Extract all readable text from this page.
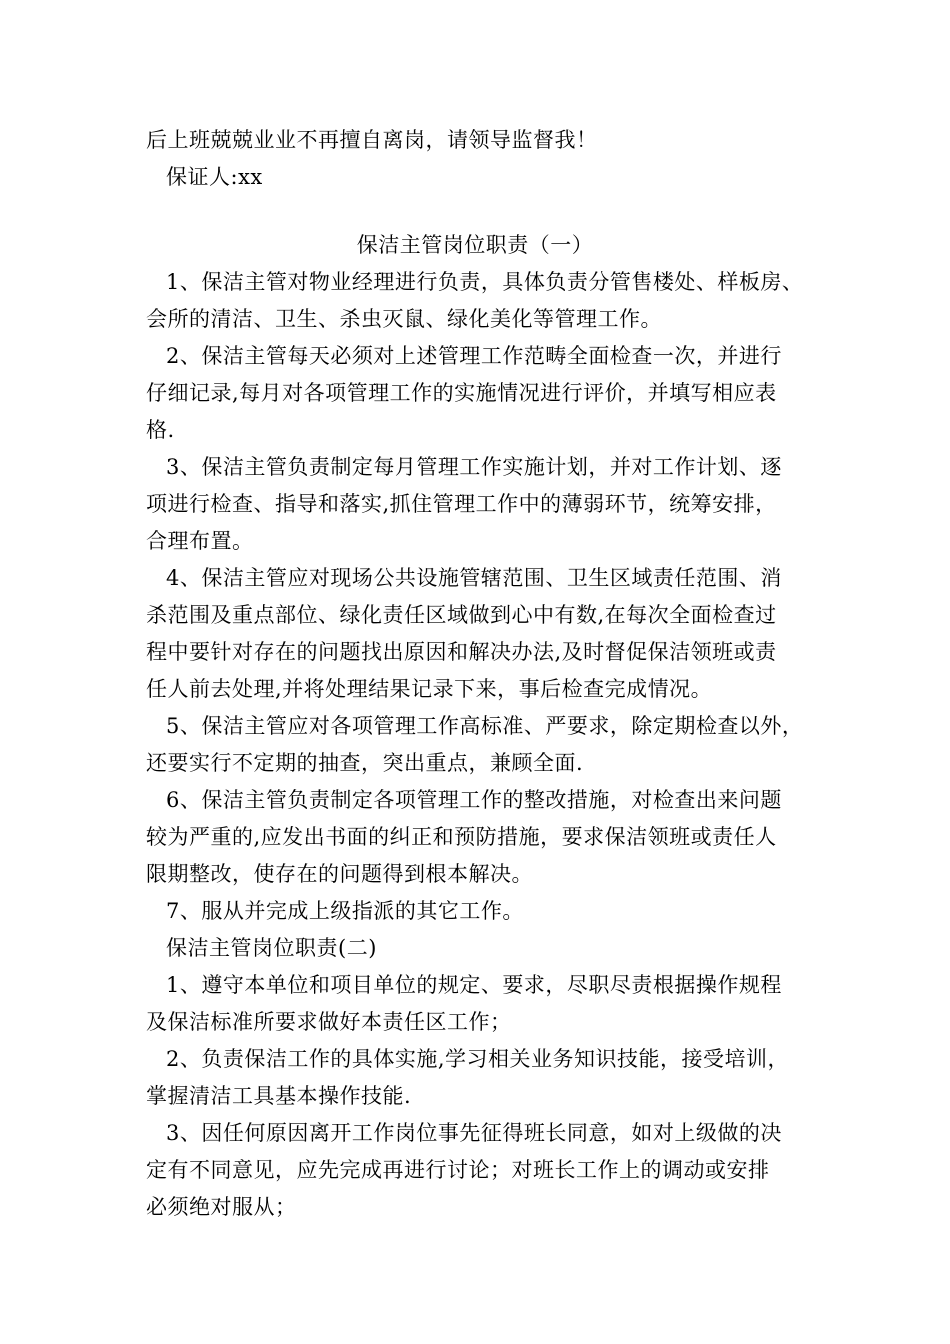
后上班兢兢业业不再擅自离岗，请领导监督我！
保证人:xx
保洁主管岗位职责（一）
1、保洁主管对物业经理进行负责，具体负责分管售楼处、样板房、
会所的清洁、卫生、杀虫灭鼠、绿化美化等管理工作。
2、保洁主管每天必须对上述管理工作范畴全面检查一次，并进行
仔细记录,每月对各项管理工作的实施情况进行评价，并填写相应表
格.
3、保洁主管负责制定每月管理工作实施计划，并对工作计划、逐
项进行检查、指导和落实,抓住管理工作中的薄弱环节，统筹安排，
合理布置。
4、保洁主管应对现场公共设施管辖范围、卫生区域责任范围、消
杀范围及重点部位、绿化责任区域做到心中有数,在每次全面检查过
程中要针对存在的问题找出原因和解决办法,及时督促保洁领班或责
任人前去处理,并将处理结果记录下来，事后检查完成情况。
5、保洁主管应对各项管理工作高标准、严要求，除定期检查以外，
还要实行不定期的抽查，突出重点，兼顾全面.
6、保洁主管负责制定各项管理工作的整改措施，对检查出来问题
较为严重的,应发出书面的纠正和预防措施，要求保洁领班或责任人
限期整改，使存在的问题得到根本解决。
7、服从并完成上级指派的其它工作。
保洁主管岗位职责(二)
1、遵守本单位和项目单位的规定、要求，尽职尽责根据操作规程
及保洁标准所要求做好本责任区工作；
2、负责保洁工作的具体实施,学习相关业务知识技能，接受培训，
掌握清洁工具基本操作技能.
3、因任何原因离开工作岗位事先征得班长同意，如对上级做的决
定有不同意见，应先完成再进行讨论；对班长工作上的调动或安排
必须绝对服从；
